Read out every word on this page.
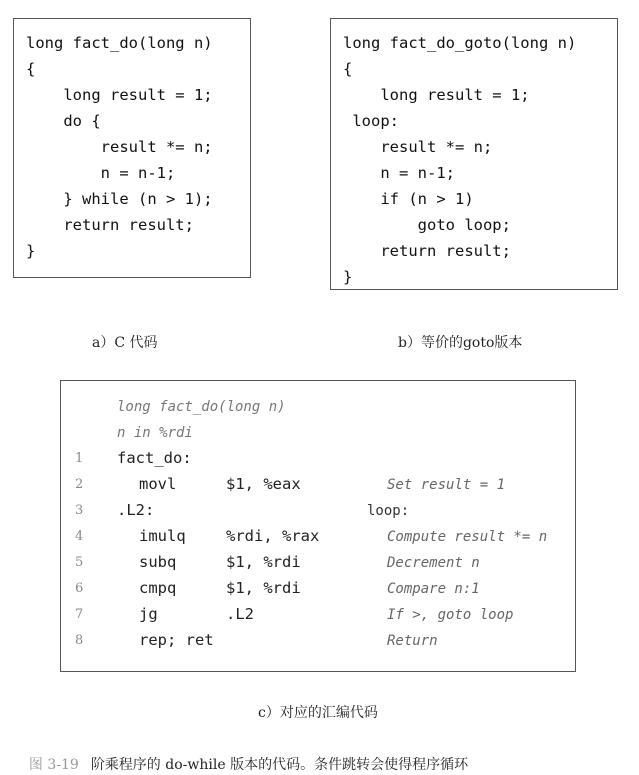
long fact_do(long n)
{
long result = 1;
do {
result *= n;
n = n-1;
} while (n > 1);
return result;
}
a）C 代码
long fact_do_goto(long n)
{
long result = 1;
loop:
result *= n;
n = n-1;
if (n > 1)
goto loop;
return result;
}
b）等价的goto版本
long fact_do(long n)
n in %rdi
1	fact_do:
2	movl	$1, %eax	Set result = 1
3	.L2:	loop:
4	imulq	%rdi, %rax	Compute result *= n
5	subq	$1, %rdi	Decrement n
6	cmpq	$1, %rdi	Compare n:1
7	jg	.L2	If >, goto loop
8	rep; ret	Return
c）对应的汇编代码

图 3-19 阶乘程序的 do-while 版本的代码。条件跳转会使得程序循环
